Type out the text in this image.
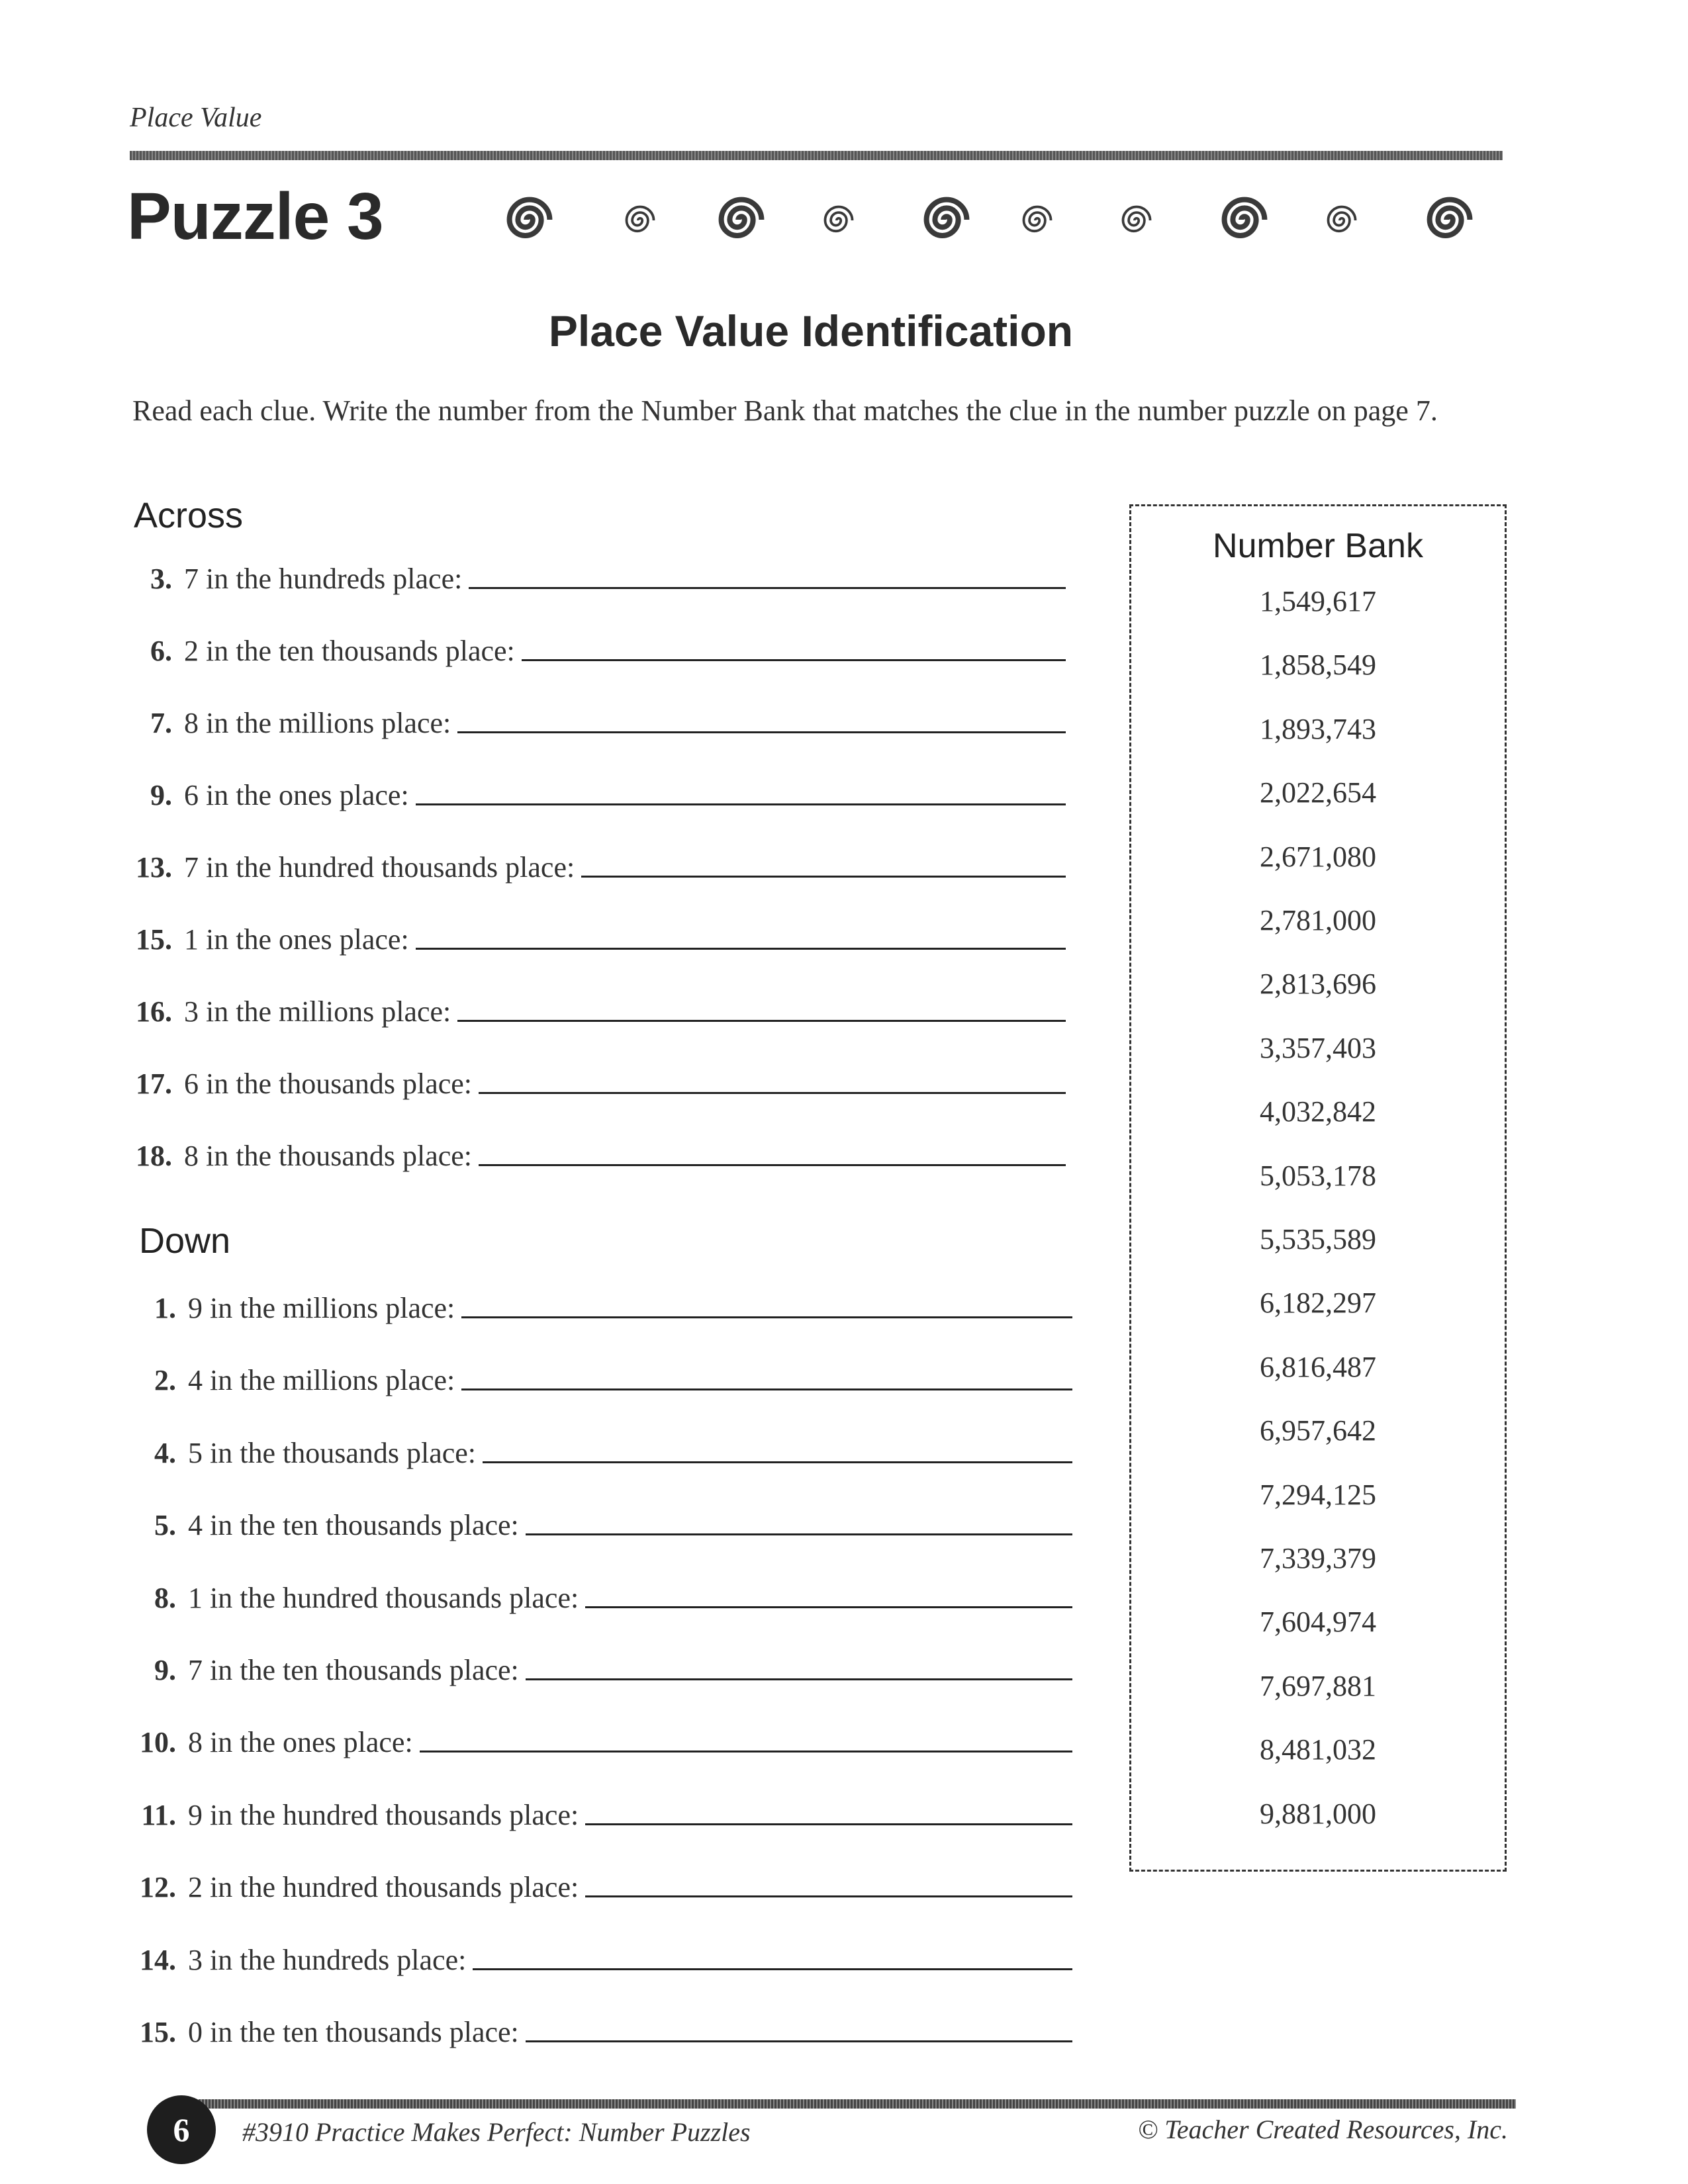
Place Value
Puzzle 3
Place Value Identification
Read each clue. Write the number from the Number Bank that matches the clue in the number puzzle on page 7.
Across
3. 7 in the hundreds place:
6. 2 in the ten thousands place:
7. 8 in the millions place:
9. 6 in the ones place:
13. 7 in the hundred thousands place:
15. 1 in the ones place:
16. 3 in the millions place:
17. 6 in the thousands place:
18. 8 in the thousands place:
Down
1. 9 in the millions place:
2. 4 in the millions place:
4. 5 in the thousands place:
5. 4 in the ten thousands place:
8. 1 in the hundred thousands place:
9. 7 in the ten thousands place:
10. 8 in the ones place:
11. 9 in the hundred thousands place:
12. 2 in the hundred thousands place:
14. 3 in the hundreds place:
15. 0 in the ten thousands place:
Number Bank
1,549,617
1,858,549
1,893,743
2,022,654
2,671,080
2,781,000
2,813,696
3,357,403
4,032,842
5,053,178
5,535,589
6,182,297
6,816,487
6,957,642
7,294,125
7,339,379
7,604,974
7,697,881
8,481,032
9,881,000
6	#3910 Practice Makes Perfect: Number Puzzles	© Teacher Created Resources, Inc.
